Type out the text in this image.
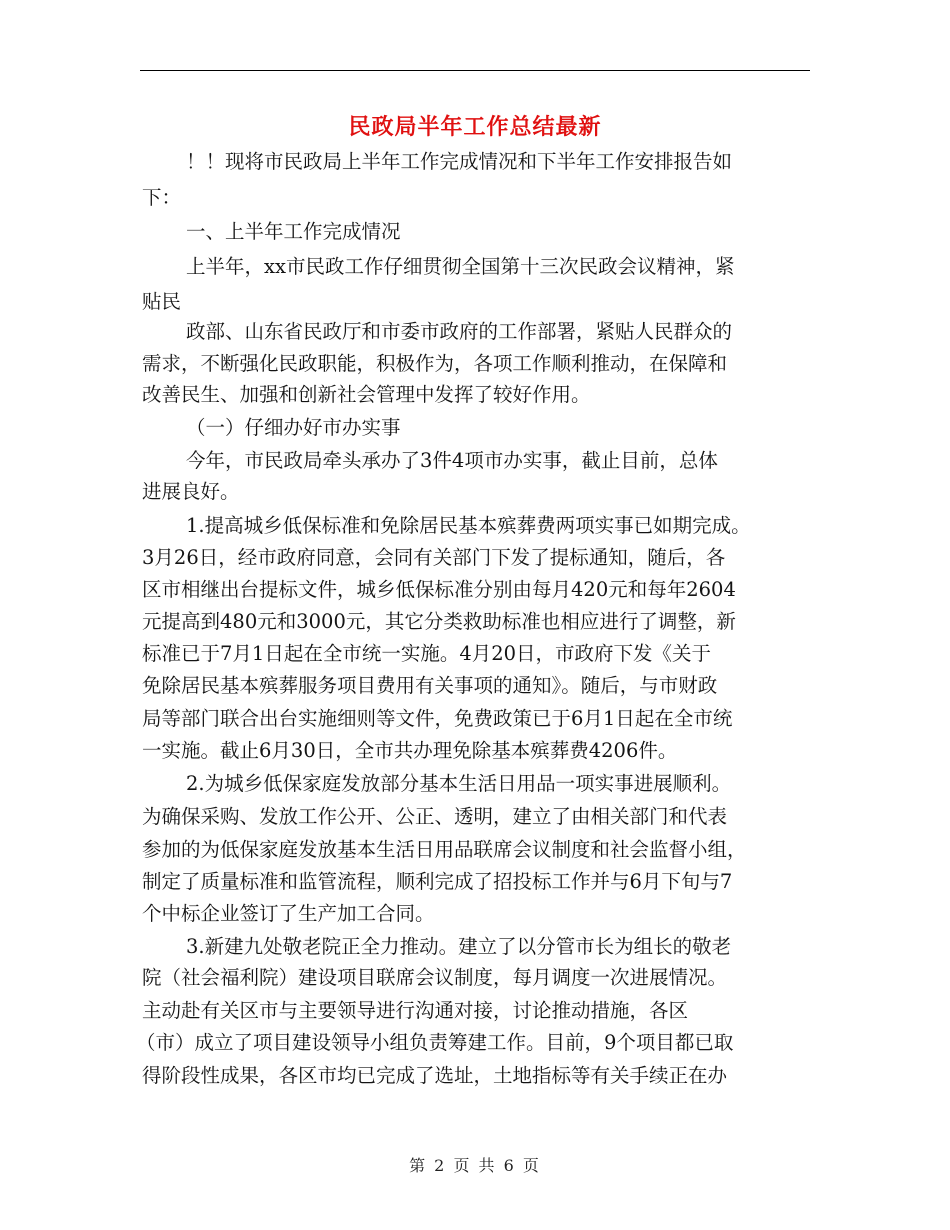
民政局半年工作总结最新
！！现将市民政局上半年工作完成情况和下半年工作安排报告如
下：
一、上半年工作完成情况
上半年，xx市民政工作仔细贯彻全国第十三次民政会议精神，紧
贴民
政部、山东省民政厅和市委市政府的工作部署，紧贴人民群众的
需求，不断强化民政职能，积极作为，各项工作顺利推动，在保障和
改善民生、加强和创新社会管理中发挥了较好作用。
（一）仔细办好市办实事
今年，市民政局牵头承办了3件4项市办实事，截止目前，总体
进展良好。
1.提高城乡低保标准和免除居民基本殡葬费两项实事已如期完成。
3月26日，经市政府同意，会同有关部门下发了提标通知，随后，各
区市相继出台提标文件，城乡低保标准分别由每月420元和每年2604
元提高到480元和3000元，其它分类救助标准也相应进行了调整，新
标准已于7月1日起在全市统一实施。4月20日，市政府下发《关于
免除居民基本殡葬服务项目费用有关事项的通知》。随后，与市财政
局等部门联合出台实施细则等文件，免费政策已于6月1日起在全市统
一实施。截止6月30日，全市共办理免除基本殡葬费4206件。
2.为城乡低保家庭发放部分基本生活日用品一项实事进展顺利。
为确保采购、发放工作公开、公正、透明，建立了由相关部门和代表
参加的为低保家庭发放基本生活日用品联席会议制度和社会监督小组，
制定了质量标准和监管流程，顺利完成了招投标工作并与6月下旬与7
个中标企业签订了生产加工合同。
3.新建九处敬老院正全力推动。建立了以分管市长为组长的敬老
院（社会福利院）建设项目联席会议制度，每月调度一次进展情况。
主动赴有关区市与主要领导进行沟通对接，讨论推动措施，各区
（市）成立了项目建设领导小组负责筹建工作。目前，9个项目都已取
得阶段性成果，各区市均已完成了选址，土地指标等有关手续正在办
第 2 页 共 6 页
